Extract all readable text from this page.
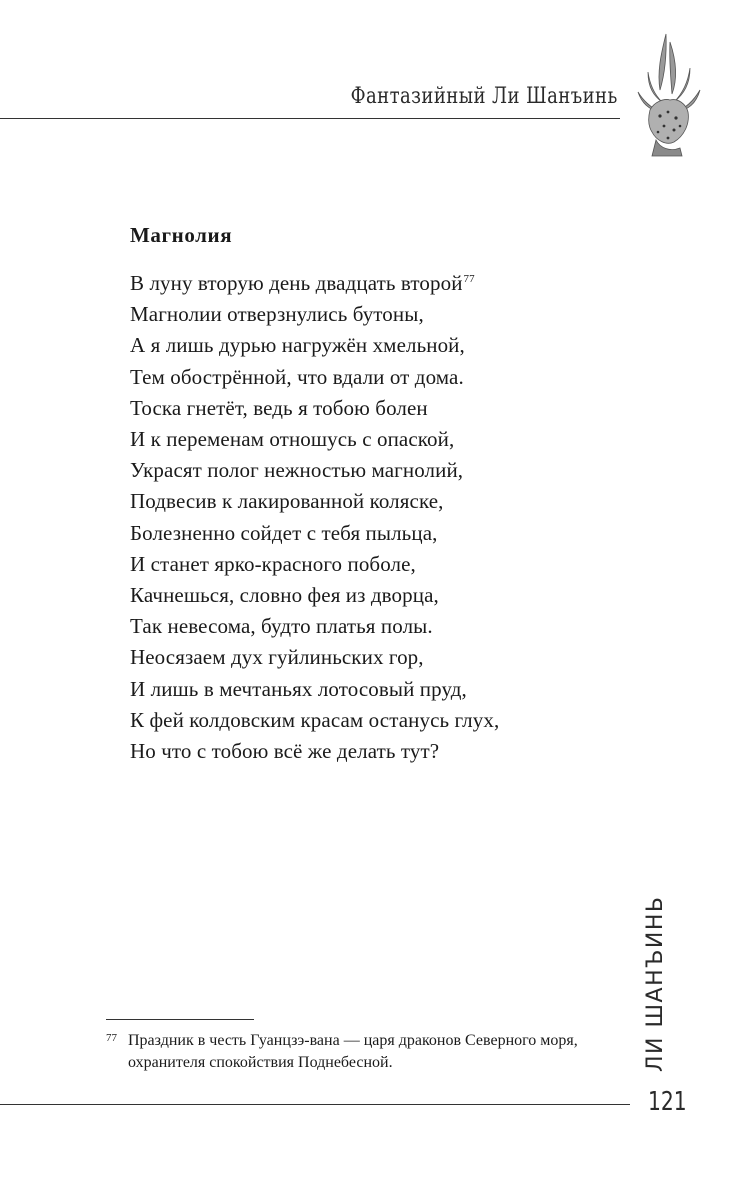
Фантазийный Ли Шанъинь
Магнолия
В луну вторую день двадцать второй$^{77}$
Магнолии отверзнулись бутоны,
А я лишь дурью нагружён хмельной,
Тем обострённой, что вдали от дома.
Тоска гнетёт, ведь я тобою болен
И к переменам отношусь с опаской,
Украсят полог нежностью магнолий,
Подвесив к лакированной коляске,
Болезненно сойдет с тебя пыльца,
И станет ярко-красного поболе,
Качнешься, словно фея из дворца,
Так невесома, будто платья полы.
Неосязаем дух гуйлиньских гор,
И лишь в мечтаньях лотосовый пруд,
К фей колдовским красам останусь глух,
Но что с тобою всё же делать тут?
77 Праздник в честь Гуанцзэ-вана — царя драконов Северного моря, охранителя спокойствия Поднебесной.	ЛИ ШАНЪИНЬ
121
